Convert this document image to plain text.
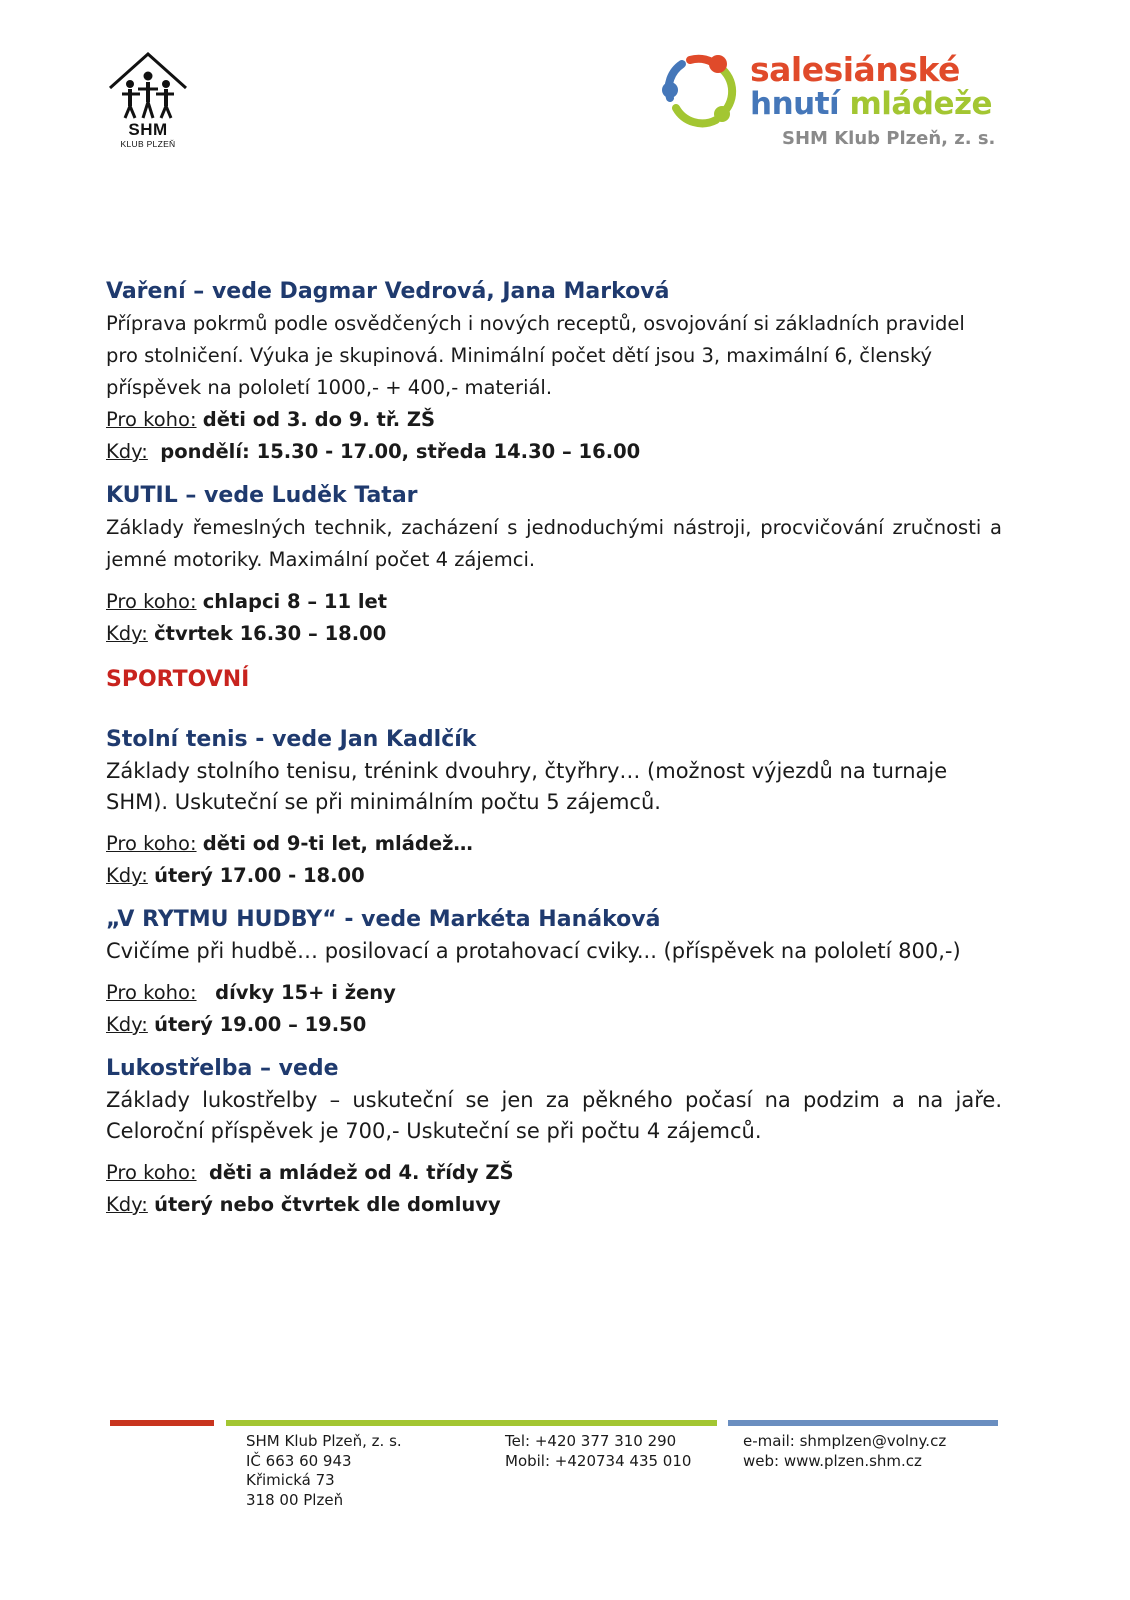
SHM
KLUB PLZEŇ
salesiánské
hnutí mládeže
SHM Klub Plzeň, z. s.

Vaření – vede Dagmar Vedrová, Jana Marková

Příprava pokrmů podle osvědčených i nových receptů, osvojování si základních pravidel pro stolničení. Výuka je skupinová. Minimální počet dětí jsou 3, maximální 6, členský příspěvek na pololetí 1000,- + 400,- materiál.

Pro koho: děti od 3. do 9. tř. ZŠ

Kdy: pondělí: 15.30 - 17.00, středa 14.30 – 16.00

KUTIL – vede Luděk Tatar

Základy řemeslných technik, zacházení s jednoduchými nástroji, procvičování zručnosti a jemné motoriky. Maximální počet 4 zájemci.

Pro koho: chlapci 8 – 11 let

Kdy: čtvrtek 16.30 – 18.00

SPORTOVNÍ

Stolní tenis - vede Jan Kadlčík

Základy stolního tenisu, trénink dvouhry, čtyřhry… (možnost výjezdů na turnaje SHM). Uskuteční se při minimálním počtu 5 zájemců.

Pro koho: děti od 9-ti let, mládež…

Kdy: úterý 17.00 - 18.00

„V RYTMU HUDBY“ - vede Markéta Hanáková

Cvičíme při hudbě… posilovací a protahovací cviky... (příspěvek na pololetí 800,-)

Pro koho: dívky 15+ i ženy

Kdy: úterý 19.00 – 19.50

Lukostřelba – vede

Základy lukostřelby – uskuteční se jen za pěkného počasí na podzim a na jaře. Celoroční příspěvek je 700,- Uskuteční se při počtu 4 zájemců.

Pro koho: děti a mládež od 4. třídy ZŠ

Kdy: úterý nebo čtvrtek dle domluvy

SHM Klub Plzeň, z. s.
IČ 663 60 943
Křimická 73
318 00 Plzeň
Tel: +420 377 310 290
Mobil: +420734 435 010
e-mail: shmplzen@volny.cz
web: www.plzen.shm.cz
